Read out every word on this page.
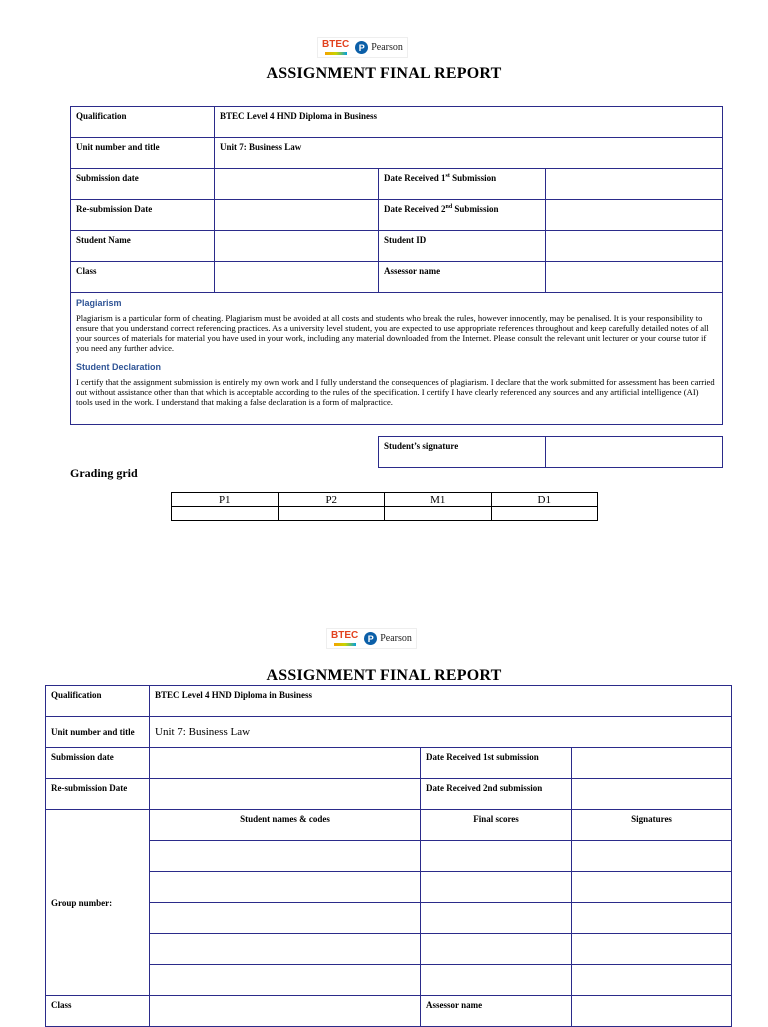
BTEC	P Pearson
ASSIGNMENT FINAL REPORT
Qualification	BTEC Level 4 HND Diploma in Business		
Unit number and title	Unit 7: Business Law		
Submission date		Date Received 1st Submission	
Re-submission Date		Date Received 2nd Submission	
Student Name		Student ID	
Class		Assessor name	

Plagiarism

Plagiarism is a particular form of cheating. Plagiarism must be avoided at all costs and students who break the rules, however innocently, may be penalised. It is your responsibility to ensure that you understand correct referencing practices. As a university level student, you are expected to use appropriate references throughout and keep carefully detailed notes of all your sources of materials for material you have used in your work, including any material downloaded from the Internet. Please consult the relevant unit lecturer or your course tutor if you need any further advice.

Student Declaration

I certify that the assignment submission is entirely my own work and I fully understand the consequences of plagiarism. I declare that the work submitted for assessment has been carried out without assistance other than that which is acceptable according to the rules of the specification. I certify I have clearly referenced any sources and any artificial intelligence (AI) tools used in the work. I understand that making a false declaration is a form of malpractice.			

Student’s signature	
Grading grid
P1	P2	M1	D1

BTEC	P Pearson
ASSIGNMENT FINAL REPORT
Qualification	BTEC Level 4 HND Diploma in Business		
Unit number and title	Unit 7: Business Law		
Submission date		Date Received 1st submission	
Re-submission Date		Date Received 2nd submission	
Group number:	Student names & codes	Final scores	Signatures

Class		Assessor name	
